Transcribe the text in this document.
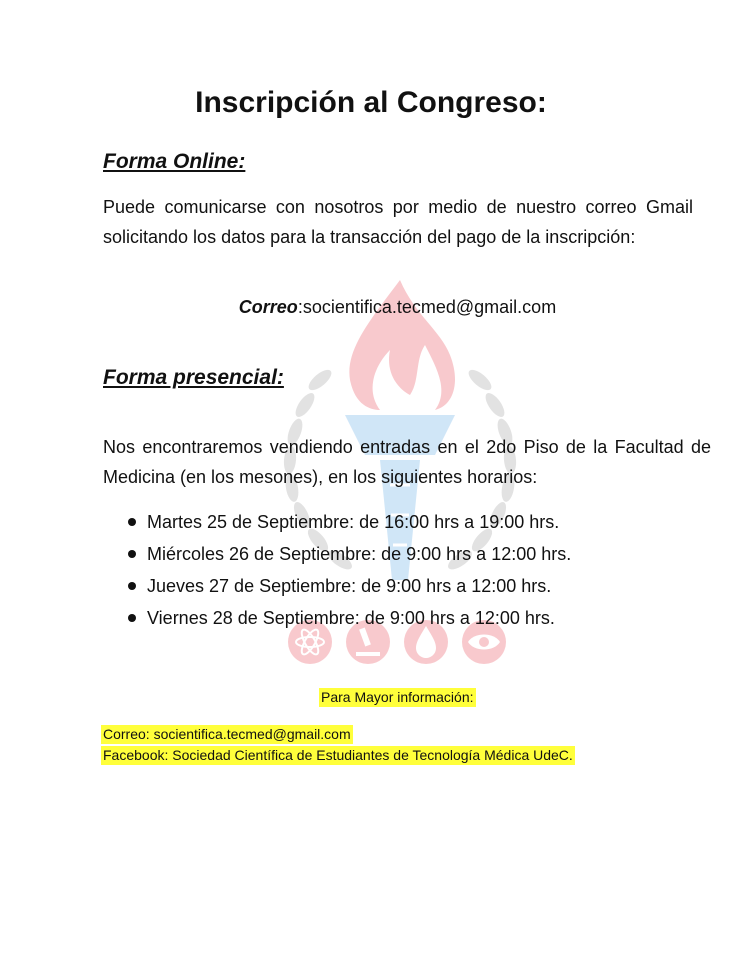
Inscripción al Congreso:
Forma Online:

Puede comunicarse con nosotros por medio de nuestro correo Gmail solicitando los datos para la transacción del pago de la inscripción:

Correo:socientifica.tecmed@gmail.com

Forma presencial:

Nos encontraremos vendiendo entradas en el 2do Piso de la Facultad de Medicina (en los mesones), en los siguientes horarios:

Martes 25 de Septiembre: de 16:00 hrs a 19:00 hrs.
Miércoles 26 de Septiembre: de 9:00 hrs a 12:00 hrs.
Jueves 27 de Septiembre: de 9:00 hrs a 12:00 hrs.
Viernes 28 de Septiembre: de 9:00 hrs a 12:00 hrs.
Para Mayor información:
Correo: socientifica.tecmed@gmail.com
Facebook: Sociedad Científica de Estudiantes de Tecnología Médica UdeC.
